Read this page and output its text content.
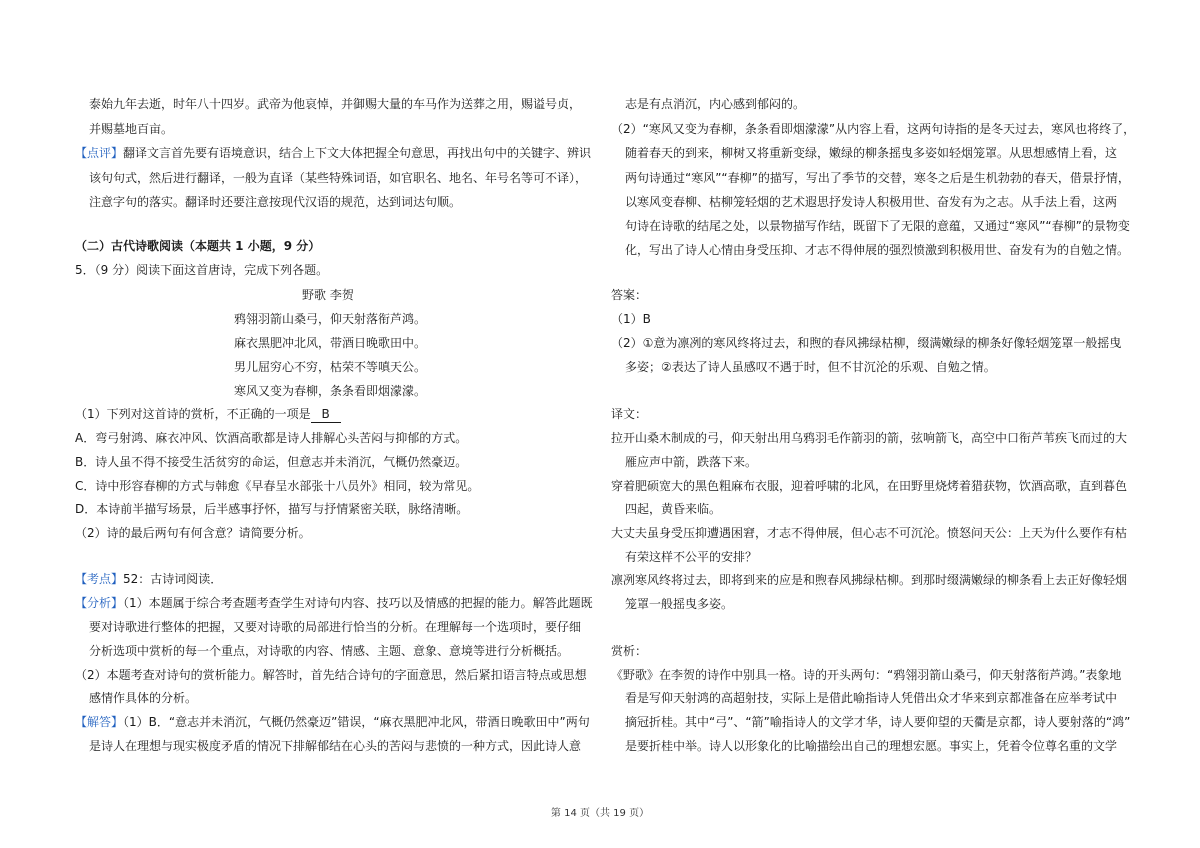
泰始九年去逝，时年八十四岁。武帝为他哀悼，并御赐大量的车马作为送葬之用，赐谥号贞，
并赐墓地百亩。
【点评】翻译文言首先要有语境意识，结合上下文大体把握全句意思，再找出句中的关键字、辨识
该句句式，然后进行翻译，一般为直译（某些特殊词语，如官职名、地名、年号名等可不译），
注意字句的落实。翻译时还要注意按现代汉语的规范，达到词达句顺。
（二）古代诗歌阅读（本题共 1 小题，9 分）
5．（9 分）阅读下面这首唐诗，完成下列各题。
野歌 李贺
鸦翎羽箭山桑弓，仰天射落衔芦鸿。
麻衣黑肥冲北风，带酒日晚歌田中。
男儿屈穷心不穷，枯荣不等嗔天公。
寒风又变为春柳，条条看即烟濛濛。
（1）下列对这首诗的赏析，不正确的一项是 B
A．弯弓射鸿、麻衣冲风、饮酒高歌都是诗人排解心头苦闷与抑郁的方式。
B．诗人虽不得不接受生活贫穷的命运，但意志并未消沉，气概仍然豪迈。
C．诗中形容春柳的方式与韩愈《早春呈水部张十八员外》相同，较为常见。
D．本诗前半描写场景，后半感事抒怀，描写与抒情紧密关联，脉络清晰。
（2）诗的最后两句有何含意？请简要分析。
【考点】52：古诗词阅读．
【分析】（1）本题属于综合考查题考查学生对诗句内容、技巧以及情感的把握的能力。解答此题既
要对诗歌进行整体的把握，又要对诗歌的局部进行恰当的分析。在理解每一个选项时，要仔细
分析选项中赏析的每一个重点，对诗歌的内容、情感、主题、意象、意境等进行分析概括。
（2）本题考查对诗句的赏析能力。解答时，首先结合诗句的字面意思，然后紧扣语言特点或思想
感情作具体的分析。
【解答】（1）B．“意志并未消沉，气概仍然豪迈”错误，“麻衣黑肥冲北风，带酒日晚歌田中”两句
是诗人在理想与现实极度矛盾的情况下排解郁结在心头的苦闷与悲愤的一种方式，因此诗人意
志是有点消沉，内心感到郁闷的。
（2）“寒风又变为春柳，条条看即烟濛濛”从内容上看，这两句诗指的是冬天过去，寒风也将终了，
随着春天的到来，柳树又将重新变绿，嫩绿的柳条摇曳多姿如轻烟笼罩。从思想感情上看，这
两句诗通过“寒风”“春柳”的描写，写出了季节的交替，寒冬之后是生机勃勃的春天，借景抒情，
以寒风变春柳、枯柳笼轻烟的艺术遐思抒发诗人积极用世、奋发有为之志。从手法上看，这两
句诗在诗歌的结尾之处，以景物描写作结，既留下了无限的意蕴，又通过“寒风”“春柳”的景物变
化，写出了诗人心情由身受压抑、才志不得伸展的强烈愤激到积极用世、奋发有为的自勉之情。
答案：
（1）B
（2）①意为凛冽的寒风终将过去，和煦的春风拂绿枯柳，缀满嫩绿的柳条好像轻烟笼罩一般摇曳
多姿；②表达了诗人虽感叹不遇于时，但不甘沉沦的乐观、自勉之情。
译文：
拉开山桑木制成的弓，仰天射出用乌鸦羽毛作箭羽的箭，弦响箭飞，高空中口衔芦苇疾飞而过的大
雁应声中箭，跌落下来。
穿着肥硕宽大的黑色粗麻布衣服，迎着呼啸的北风，在田野里烧烤着猎获物，饮酒高歌，直到暮色
四起，黄昏来临。
大丈夫虽身受压抑遭遇困窘，才志不得伸展，但心志不可沉沦。愤怒问天公：上天为什么要作有枯
有荣这样不公平的安排？
凛冽寒风终将过去，即将到来的应是和煦春风拂绿枯柳。到那时缀满嫩绿的柳条看上去正好像轻烟
笼罩一般摇曳多姿。
赏析：
《野歌》在李贺的诗作中别具一格。诗的开头两句：“鸦翎羽箭山桑弓，仰天射落衔芦鸿。”表象地
看是写仰天射鸿的高超射技，实际上是借此喻指诗人凭借出众才华来到京都准备在应举考试中
摘冠折桂。其中“弓”、“箭”喻指诗人的文学才华，诗人要仰望的天衢是京都，诗人要射落的“鸿”
是要折桂中举。诗人以形象化的比喻描绘出自己的理想宏愿。事实上，凭着令位尊名重的文学
第 14 页（共 19 页）
